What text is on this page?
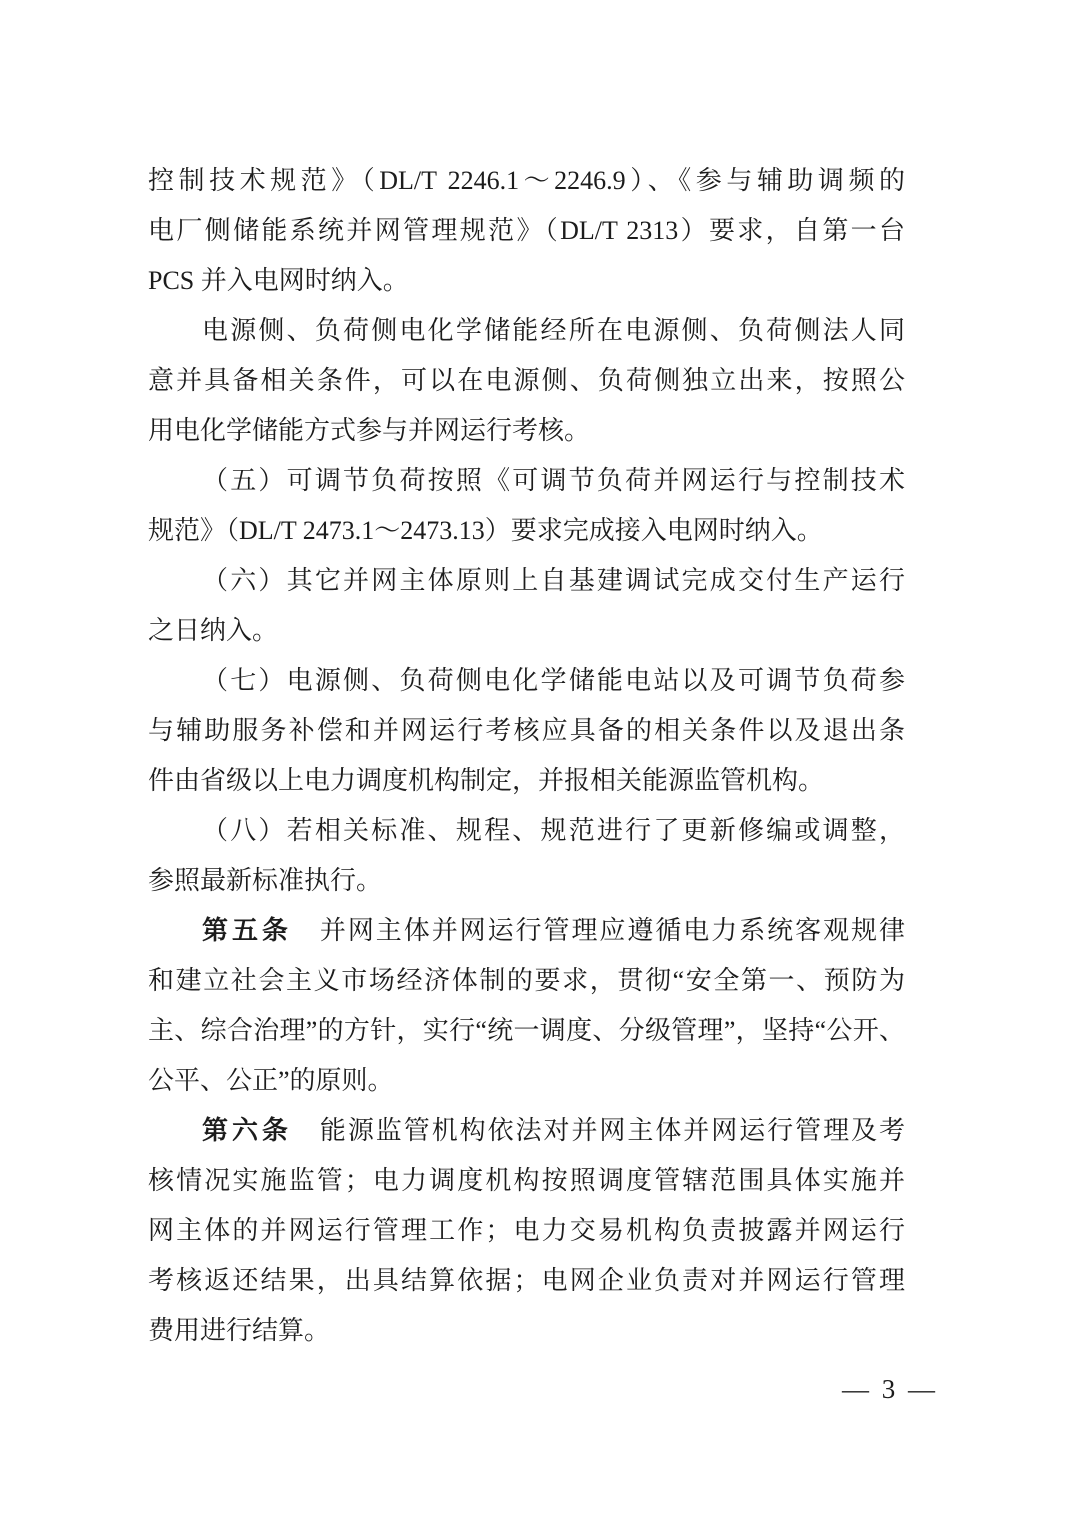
控制技术规范》（DL/T 2246.1～2246.9）、《参与辅助调频的
电厂侧储能系统并网管理规范》（DL/T 2313）要求，自第一台
PCS 并入电网时纳入。
电源侧、负荷侧电化学储能经所在电源侧、负荷侧法人同
意并具备相关条件，可以在电源侧、负荷侧独立出来，按照公
用电化学储能方式参与并网运行考核。
（五）可调节负荷按照《可调节负荷并网运行与控制技术
规范》（DL/T 2473.1～2473.13）要求完成接入电网时纳入。
（六）其它并网主体原则上自基建调试完成交付生产运行
之日纳入。
（七）电源侧、负荷侧电化学储能电站以及可调节负荷参
与辅助服务补偿和并网运行考核应具备的相关条件以及退出条
件由省级以上电力调度机构制定，并报相关能源监管机构。
（八）若相关标准、规程、规范进行了更新修编或调整，
参照最新标准执行。
第五条 并网主体并网运行管理应遵循电力系统客观规律
和建立社会主义市场经济体制的要求，贯彻“安全第一、预防为
主、综合治理”的方针，实行“统一调度、分级管理”，坚持“公开、
公平、公正”的原则。
第六条 能源监管机构依法对并网主体并网运行管理及考
核情况实施监管；电力调度机构按照调度管辖范围具体实施并
网主体的并网运行管理工作；电力交易机构负责披露并网运行
考核返还结果，出具结算依据；电网企业负责对并网运行管理
费用进行结算。
— 3 —
